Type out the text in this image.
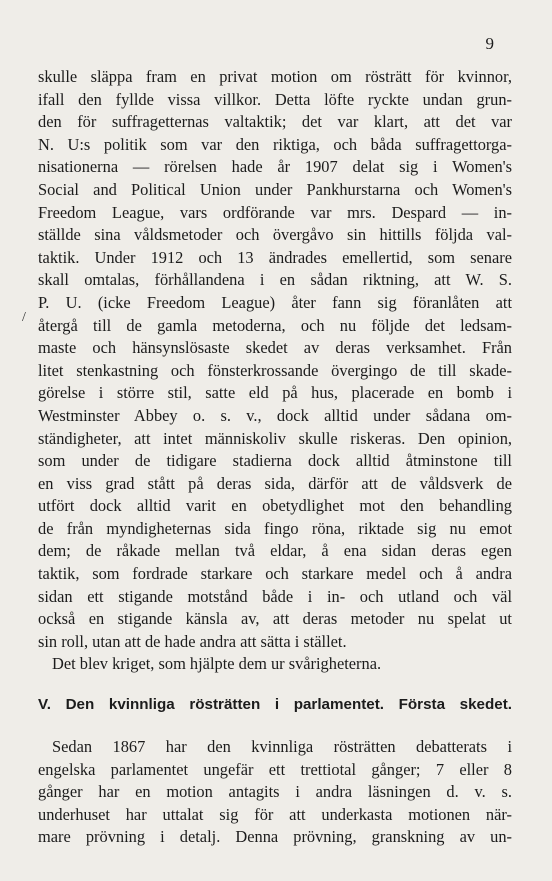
9
/
skulle släppa fram en privat motion om rösträtt för kvinnor,
ifall den fyllde vissa villkor. Detta löfte ryckte undan grun-
den för suffragetternas valtaktik; det var klart, att det var
N. U:s politik som var den riktiga, och båda suffragettorga-
nisationerna — rörelsen hade år 1907 delat sig i Women's
Social and Political Union under Pankhurstarna och Women's
Freedom League, vars ordförande var mrs. Despard — in-
ställde sina våldsmetoder och övergåvo sin hittills följda val-
taktik. Under 1912 och 13 ändrades emellertid, som senare
skall omtalas, förhållandena i en sådan riktning, att W. S.
P. U. (icke Freedom League) åter fann sig föranlåten att
återgå till de gamla metoderna, och nu följde det ledsam-
maste och hänsynslösaste skedet av deras verksamhet. Från
litet stenkastning och fönsterkrossande övergingo de till skade-
görelse i större stil, satte eld på hus, placerade en bomb i
Westminster Abbey o. s. v., dock alltid under sådana om-
ständigheter, att intet människoliv skulle riskeras. Den opinion,
som under de tidigare stadierna dock alltid åtminstone till
en viss grad stått på deras sida, därför att de våldsverk de
utfört dock alltid varit en obetydlighet mot den behandling
de från myndigheternas sida fingo röna, riktade sig nu emot
dem; de råkade mellan två eldar, å ena sidan deras egen
taktik, som fordrade starkare och starkare medel och å andra
sidan ett stigande motstånd både i in- och utland och väl
också en stigande känsla av, att deras metoder nu spelat ut
sin roll, utan att de hade andra att sätta i stället.
Det blev kriget, som hjälpte dem ur svårigheterna.
V. Den kvinnliga rösträtten i parlamentet. Första skedet.
Sedan 1867 har den kvinnliga rösträtten debatterats i
engelska parlamentet ungefär ett trettiotal gånger; 7 eller 8
gånger har en motion antagits i andra läsningen d. v. s.
underhuset har uttalat sig för att underkasta motionen när-
mare prövning i detalj. Denna prövning, granskning av un-
